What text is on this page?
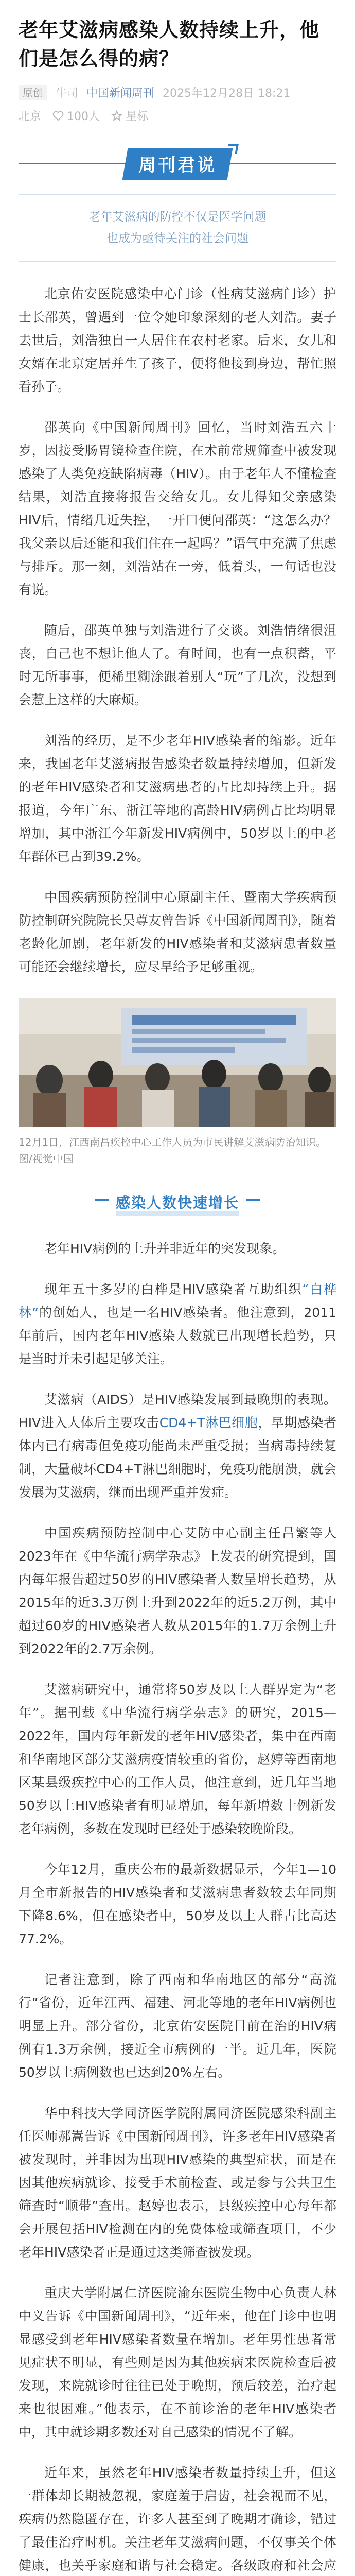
老年艾滋病感染人数持续上升，他们是怎么得的病？
原创	牛司 中国新闻周刊 2025年12月28日 18:21
北京 100人 星标
周刊君说
老年艾滋病的防控不仅是医学问题
也成为亟待关注的社会问题

北京佑安医院感染中心门诊（性病艾滋病门诊）护士长邵英，曾遇到一位令她印象深刻的老人刘浩。妻子去世后，刘浩独自一人居住在农村老家。后来，女儿和女婿在北京定居并生了孩子，便将他接到身边，帮忙照看孙子。

邵英向《中国新闻周刊》回忆，当时刘浩五六十岁，因接受肠胃镜检查住院，在术前常规筛查中被发现感染了人类免疫缺陷病毒（HIV）。由于老年人不懂检查结果，刘浩直接将报告交给女儿。女儿得知父亲感染HIV后，情绪几近失控，一开口便问邵英：“这怎么办？我父亲以后还能和我们住在一起吗？”语气中充满了焦虑与排斥。那一刻，刘浩站在一旁，低着头，一句话也没有说。

随后，邵英单独与刘浩进行了交谈。刘浩情绪很沮丧，自己也不想让他人了。有时间，也有一点积蓄，平时无所事事，便稀里糊涂跟着别人“玩”了几次，没想到会惹上这样的大麻烦。

刘浩的经历，是不少老年HIV感染者的缩影。近年来，我国老年艾滋病报告感染者数量持续增加，但新发的老年HIV感染者和艾滋病患者的占比却持续上升。据报道，今年广东、浙江等地的高龄HIV病例占比均明显增加，其中浙江今年新发HIV病例中，50岁以上的中老年群体已占到39.2%。

中国疾病预防控制中心原副主任、暨南大学疾病预防控制研究院院长吴尊友曾告诉《中国新闻周刊》，随着老龄化加剧，老年新发的HIV感染者和艾滋病患者数量可能还会继续增长，应尽早给予足够重视。

12月1日，江西南昌疾控中心工作人员为市民讲解艾滋病防治知识。图/视觉中国

感染人数快速增长

老年HIV病例的上升并非近年的突发现象。

现年五十多岁的白桦是HIV感染者互助组织“白桦林”的创始人，也是一名HIV感染者。他注意到，2011年前后，国内老年HIV感染人数就已出现增长趋势，只是当时并未引起足够关注。

艾滋病（AIDS）是HIV感染发展到最晚期的表现。HIV进入人体后主要攻击CD4+T淋巴细胞，早期感染者体内已有病毒但免疫功能尚未严重受损；当病毒持续复制，大量破坏CD4+T淋巴细胞时，免疫功能崩溃，就会发展为艾滋病，继而出现严重并发症。

中国疾病预防控制中心艾防中心副主任吕繁等人2023年在《中华流行病学杂志》上发表的研究提到，国内每年报告超过50岁的HIV感染者人数呈增长趋势，从2015年的近3.3万例上升到2022年的近5.2万例，其中超过60岁的HIV感染者人数从2015年的1.7万余例上升到2022年的2.7万余例。

艾滋病研究中，通常将50岁及以上人群界定为“老年”。据刊载《中华流行病学杂志》的研究，2015—2022年，国内每年新发的老年HIV感染者，集中在西南和华南地区部分艾滋病疫情较重的省份，赵婷等西南地区某县级疾控中心的工作人员，他注意到，近几年当地50岁以上HIV感染者有明显增加，每年新增数十例新发老年病例，多数在发现时已经处于感染较晚阶段。

今年12月，重庆公布的最新数据显示，今年1—10月全市新报告的HIV感染者和艾滋病患者数较去年同期下降8.6%，但在感染者中，50岁及以上人群占比高达77.2%。

记者注意到，除了西南和华南地区的部分“高流行”省份，近年江西、福建、河北等地的老年HIV病例也明显上升。部分省份，北京佑安医院目前在治的HIV病例有1.3万余例，接近全市病例的一半。近几年，医院50岁以上病例数也已达到20%左右。

华中科技大学同济医学院附属同济医院感染科副主任医师郝嵩告诉《中国新闻周刊》，许多老年HIV感染者被发现时，并非因为出现HIV感染的典型症状，而是在因其他疾病就诊、接受手术前检查、或是参与公共卫生筛查时“顺带”查出。赵婷也表示，县级疾控中心每年都会开展包括HIV检测在内的免费体检或筛查项目，不少老年HIV感染者正是通过这类筛查被发现。

重庆大学附属仁济医院渝东医院生物中心负责人林中义告诉《中国新闻周刊》，“近年来，他在门诊中也明显感受到老年HIV感染者数量在增加。老年男性患者常见症状不明显，有些则是因为其他疾病来医院检查后被发现，来院就诊时往往已处于晚期，预后较差，治疗起来也很困难。”他表示，在不前诊治的老年HIV感染者中，其中就诊期多数还对自己感染的情况不了解。

近年来，虽然老年HIV感染者数量持续上升，但这一群体却长期被忽视，家庭羞于启齿，社会视而不见，疾病仍然隐匿存在，许多人甚至到了晚期才确诊，错过了最佳治疗时机。关注老年艾滋病问题，不仅事关个体健康，也关乎家庭和谐与社会稳定。各级政府和社会应
